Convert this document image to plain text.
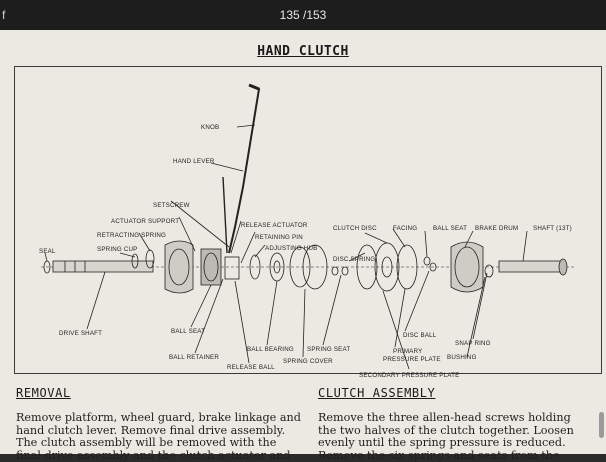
f	135 /153
HAND CLUTCH
KNOB
HAND LEVER
SETSCREW
ACTUATOR SUPPORT
RELEASE ACTUATOR
RETAINING PIN
ADJUSTING HUB
RETRACTING SPRING
SPRING CUP
SEAL
DRIVE SHAFT	BALL SEAT
BALL RETAINER
RELEASE BALL
BALL BEARING
SPRING COVER
SPRING SEAT
DISC SPRING
CLUTCH DISC	FACING	BALL SEAT BRAKE DRUM SHAFT (13T)
DISC BALL
PRIMARY
PRESSURE PLATE
SECONDARY PRESSURE PLATE
BUSHING
SNAP RING
REMOVAL	CLUTCH ASSEMBLY
Remove platform, wheel guard, brake linkage and
hand clutch lever. Remove final drive assembly.
The clutch assembly will be removed with the
final drive assembly and the clutch actuator and
Remove the three allen-head screws holding
the two halves of the clutch together. Loosen
evenly until the spring pressure is reduced.
Remove the six springs and seats from the
